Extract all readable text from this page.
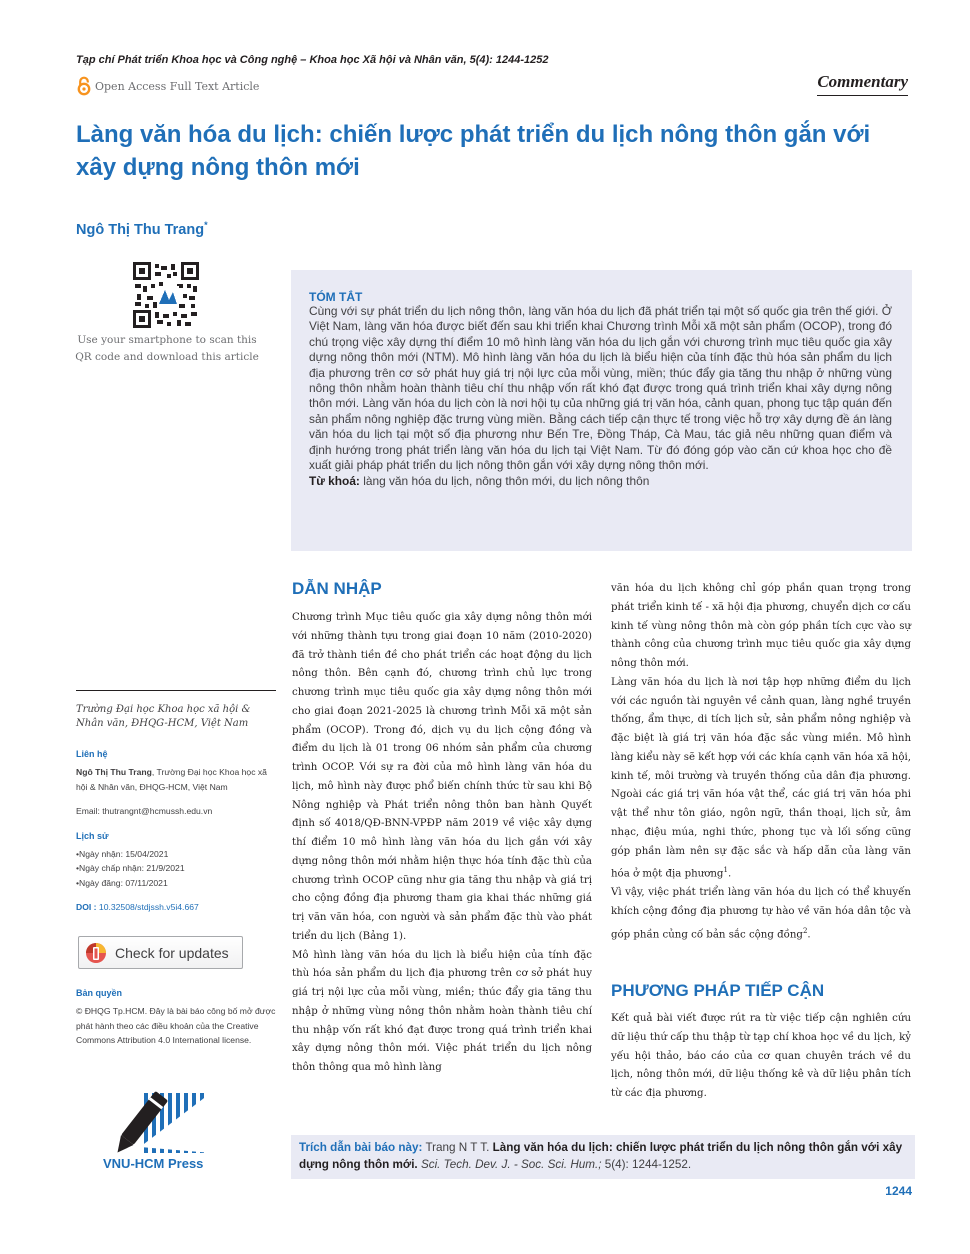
Tạp chí Phát triển Khoa học và Công nghệ – Khoa học Xã hội và Nhân văn, 5(4): 1244-1252
Open Access Full Text Article	Commentary
Làng văn hóa du lịch: chiến lược phát triển du lịch nông thôn gắn với xây dựng nông thôn mới
Ngô Thị Thu Trang*
Use your smartphone to scan this QR code and download this article
TÓM TẮT
Cùng với sự phát triển du lịch nông thôn, làng văn hóa du lịch đã phát triển tại một số quốc gia trên thế giới. Ở Việt Nam, làng văn hóa được biết đến sau khi triển khai Chương trình Mỗi xã một sản phẩm (OCOP), trong đó chú trọng việc xây dựng thí điểm 10 mô hình làng văn hóa du lịch gắn với chương trình mục tiêu quốc gia xây dựng nông thôn mới (NTM). Mô hình làng văn hóa du lịch là biểu hiện của tính đặc thù hóa sản phẩm du lịch địa phương trên cơ sở phát huy giá trị nội lực của mỗi vùng, miền; thúc đẩy gia tăng thu nhập ở những vùng nông thôn nhằm hoàn thành tiêu chí thu nhập vốn rất khó đạt được trong quá trình triển khai xây dựng nông thôn mới. Làng văn hóa du lịch còn là nơi hội tụ của những giá trị văn hóa, cảnh quan, phong tục tập quán đến sản phẩm nông nghiệp đặc trưng vùng miền. Bằng cách tiếp cận thực tế trong việc hỗ trợ xây dựng đề án làng văn hóa du lịch tại một số địa phương như Bến Tre, Đồng Tháp, Cà Mau, tác giả nêu những quan điểm và định hướng trong phát triển làng văn hóa du lịch tại Việt Nam. Từ đó đóng góp vào căn cứ khoa học cho đề xuất giải pháp phát triển du lịch nông thôn gắn với xây dựng nông thôn mới.
Từ khoá: làng văn hóa du lịch, nông thôn mới, du lịch nông thôn
Trường Đại học Khoa học xã hội & Nhân văn, ĐHQG-HCM, Việt Nam
Liên hệ
Ngô Thị Thu Trang, Trường Đại học Khoa học xã hội & Nhân văn, ĐHQG-HCM, Việt Nam
Email: thutrangnt@hcmussh.edu.vn
Lịch sử
• Ngày nhận: 15/04/2021
• Ngày chấp nhận: 21/9/2021
• Ngày đăng: 07/11/2021
DOI : 10.32508/stdjssh.v5i4.667
Check for updates
Bản quyền
© ĐHQG Tp.HCM. Đây là bài báo công bố mở được phát hành theo các điều khoản của the Creative Commons Attribution 4.0 International license.
VNU-HCM Press
DẪN NHẬP

Chương trình Mục tiêu quốc gia xây dựng nông thôn mới với những thành tựu trong giai đoạn 10 năm (2010-2020) đã trở thành tiền đề cho phát triển các hoạt động du lịch nông thôn. Bên cạnh đó, chương trình chủ lực trong chương trình mục tiêu quốc gia xây dựng nông thôn mới cho giai đoạn 2021-2025 là chương trình Mỗi xã một sản phẩm (OCOP). Trong đó, dịch vụ du lịch cộng đồng và điểm du lịch là 01 trong 06 nhóm sản phẩm của chương trình OCOP. Với sự ra đời của mô hình làng văn hóa du lịch, mô hình này được phổ biến chính thức từ sau khi Bộ Nông nghiệp và Phát triển nông thôn ban hành Quyết định số 4018/QĐ-BNN-VPĐP năm 2019 về việc xây dựng thí điểm 10 mô hình làng văn hóa du lịch gắn với xây dựng nông thôn mới nhằm hiện thực hóa tính đặc thù của chương trình OCOP cũng như gia tăng thu nhập và giá trị cho cộng đồng địa phương tham gia khai thác những giá trị văn văn hóa, con người và sản phẩm đặc thù vào phát triển du lịch (Bảng 1).

Mô hình làng văn hóa du lịch là biểu hiện của tính đặc thù hóa sản phẩm du lịch địa phương trên cơ sở phát huy giá trị nội lực của mỗi vùng, miền; thúc đẩy gia tăng thu nhập ở những vùng nông thôn nhằm hoàn thành tiêu chí thu nhập vốn rất khó đạt được trong quá trình triển khai xây dựng nông thôn mới. Việc phát triển du lịch nông thôn thông qua mô hình làng

văn hóa du lịch không chỉ góp phần quan trọng trong phát triển kinh tế - xã hội địa phương, chuyển dịch cơ cấu kinh tế vùng nông thôn mà còn góp phần tích cực vào sự thành công của chương trình mục tiêu quốc gia xây dựng nông thôn mới.

Làng văn hóa du lịch là nơi tập hợp những điểm du lịch với các nguồn tài nguyên về cảnh quan, làng nghề truyền thống, ẩm thực, di tích lịch sử, sản phẩm nông nghiệp và đặc biệt là giá trị văn hóa đặc sắc vùng miền. Mô hình làng kiểu này sẽ kết hợp với các khía cạnh văn hóa xã hội, kinh tế, môi trường và truyền thống của dân địa phương. Ngoài các giá trị văn hóa vật thể, các giá trị văn hóa phi vật thể như tôn giáo, ngôn ngữ, thần thoại, lịch sử, âm nhạc, điệu múa, nghi thức, phong tục và lối sống cũng góp phần làm nên sự đặc sắc và hấp dẫn của làng văn hóa ở một địa phương$^1$.

Vì vậy, việc phát triển làng văn hóa du lịch có thể khuyến khích cộng đồng địa phương tự hào về văn hóa dân tộc và góp phần củng cố bản sắc cộng đồng$^2$.

PHƯƠNG PHÁP TIẾP CẬN

Kết quả bài viết được rút ra từ việc tiếp cận nghiên cứu dữ liệu thứ cấp thu thập từ tạp chí khoa học về du lịch, kỷ yếu hội thảo, báo cáo của cơ quan chuyên trách về du lịch, nông thôn mới, dữ liệu thống kê và dữ liệu phân tích từ các địa phương.

Trích dẫn bài báo này: Trang N T T. Làng văn hóa du lịch: chiến lược phát triển du lịch nông thôn gắn với xây dựng nông thôn mới. Sci. Tech. Dev. J. - Soc. Sci. Hum.; 5(4): 1244-1252.
1244
